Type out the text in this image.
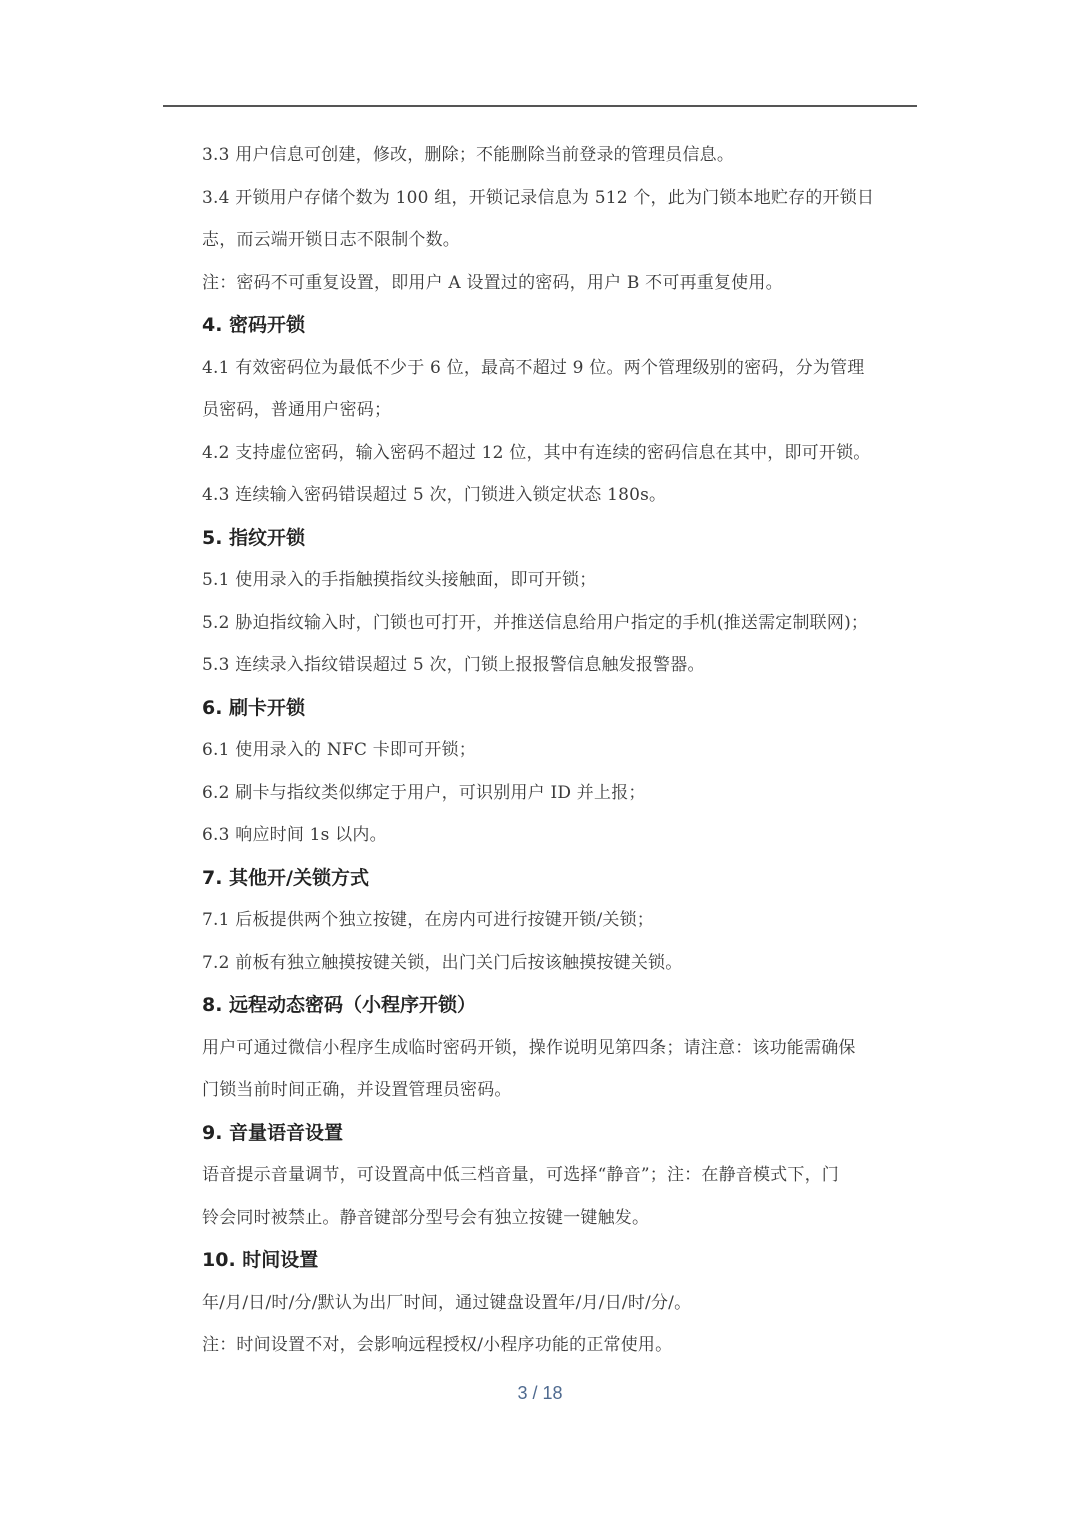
3.3 用户信息可创建，修改，删除；不能删除当前登录的管理员信息。
3.4 开锁用户存储个数为 100 组，开锁记录信息为 512 个，此为门锁本地贮存的开锁日
志，而云端开锁日志不限制个数。
注：密码不可重复设置，即用户 A 设置过的密码，用户 B 不可再重复使用。
4. 密码开锁
4.1 有效密码位为最低不少于 6 位，最高不超过 9 位。两个管理级别的密码，分为管理
员密码，普通用户密码；
4.2 支持虚位密码，输入密码不超过 12 位，其中有连续的密码信息在其中，即可开锁。
4.3 连续输入密码错误超过 5 次，门锁进入锁定状态 180s。
5. 指纹开锁
5.1 使用录入的手指触摸指纹头接触面，即可开锁；
5.2 胁迫指纹输入时，门锁也可打开，并推送信息给用户指定的手机(推送需定制联网)；
5.3 连续录入指纹错误超过 5 次，门锁上报报警信息触发报警器。
6. 刷卡开锁
6.1 使用录入的 NFC 卡即可开锁；
6.2 刷卡与指纹类似绑定于用户，可识别用户 ID 并上报；
6.3 响应时间 1s 以内。
7. 其他开/关锁方式
7.1 后板提供两个独立按键，在房内可进行按键开锁/关锁；
7.2 前板有独立触摸按键关锁，出门关门后按该触摸按键关锁。
8. 远程动态密码（小程序开锁）
用户可通过微信小程序生成临时密码开锁，操作说明见第四条；请注意：该功能需确保
门锁当前时间正确，并设置管理员密码。
9. 音量语音设置
语音提示音量调节，可设置高中低三档音量，可选择“静音”；注：在静音模式下，门
铃会同时被禁止。静音键部分型号会有独立按键一键触发。
10. 时间设置
年/月/日/时/分/默认为出厂时间，通过键盘设置年/月/日/时/分/。
注：时间设置不对，会影响远程授权/小程序功能的正常使用。
3 / 18
